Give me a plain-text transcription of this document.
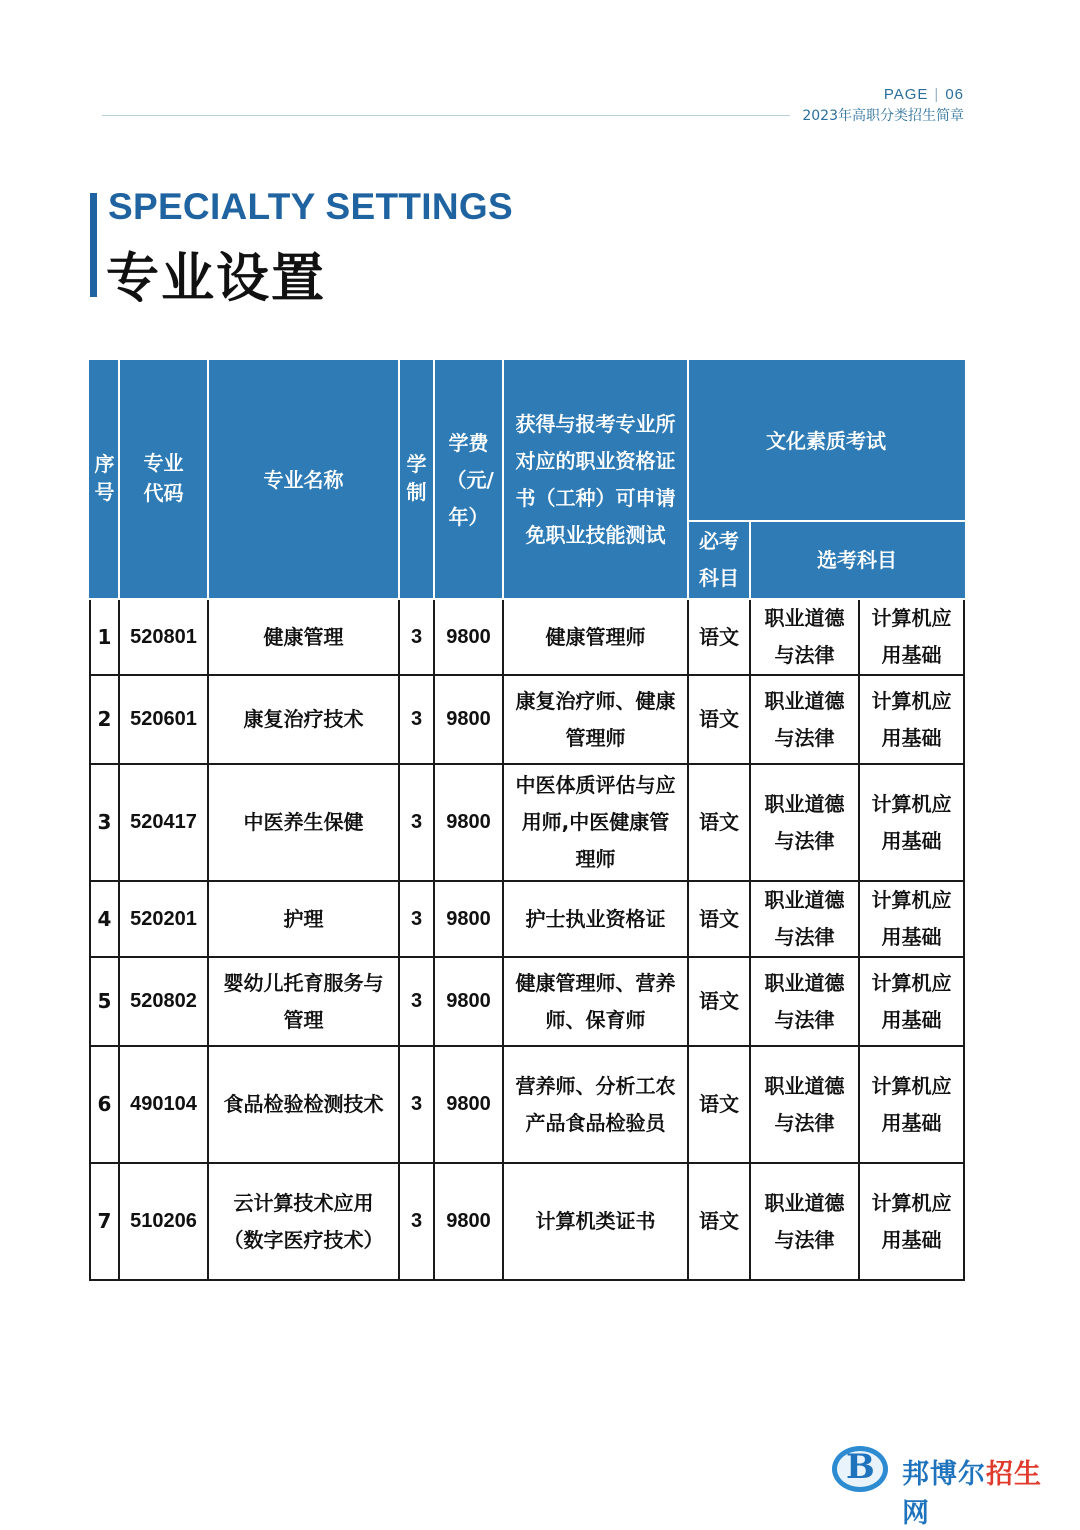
PAGE | 06
2023年高职分类招生简章
SPECIALTY SETTINGS
专业设置
序号	专业代码	专业名称	学制	学费（元/年）	获得与报考专业所对应的职业资格证书（工种）可申请免职业技能测试	文化素质考试		
						必考科目	选考科目	
1	520801	健康管理	3	9800	健康管理师	语文	职业道德与法律	计算机应用基础
2	520601	康复治疗技术	3	9800	康复治疗师、健康管理师	语文	职业道德与法律	计算机应用基础
3	520417	中医养生保健	3	9800	中医体质评估与应用师,中医健康管理师	语文	职业道德与法律	计算机应用基础
4	520201	护理	3	9800	护士执业资格证	语文	职业道德与法律	计算机应用基础
5	520802	婴幼儿托育服务与管理	3	9800	健康管理师、营养师、保育师	语文	职业道德与法律	计算机应用基础
6	490104	食品检验检测技术	3	9800	营养师、分析工农产品食品检验员	语文	职业道德与法律	计算机应用基础
7	510206	云计算技术应用（数字医疗技术）	3	9800	计算机类证书	语文	职业道德与法律	计算机应用基础
B 邦博尔招生网
